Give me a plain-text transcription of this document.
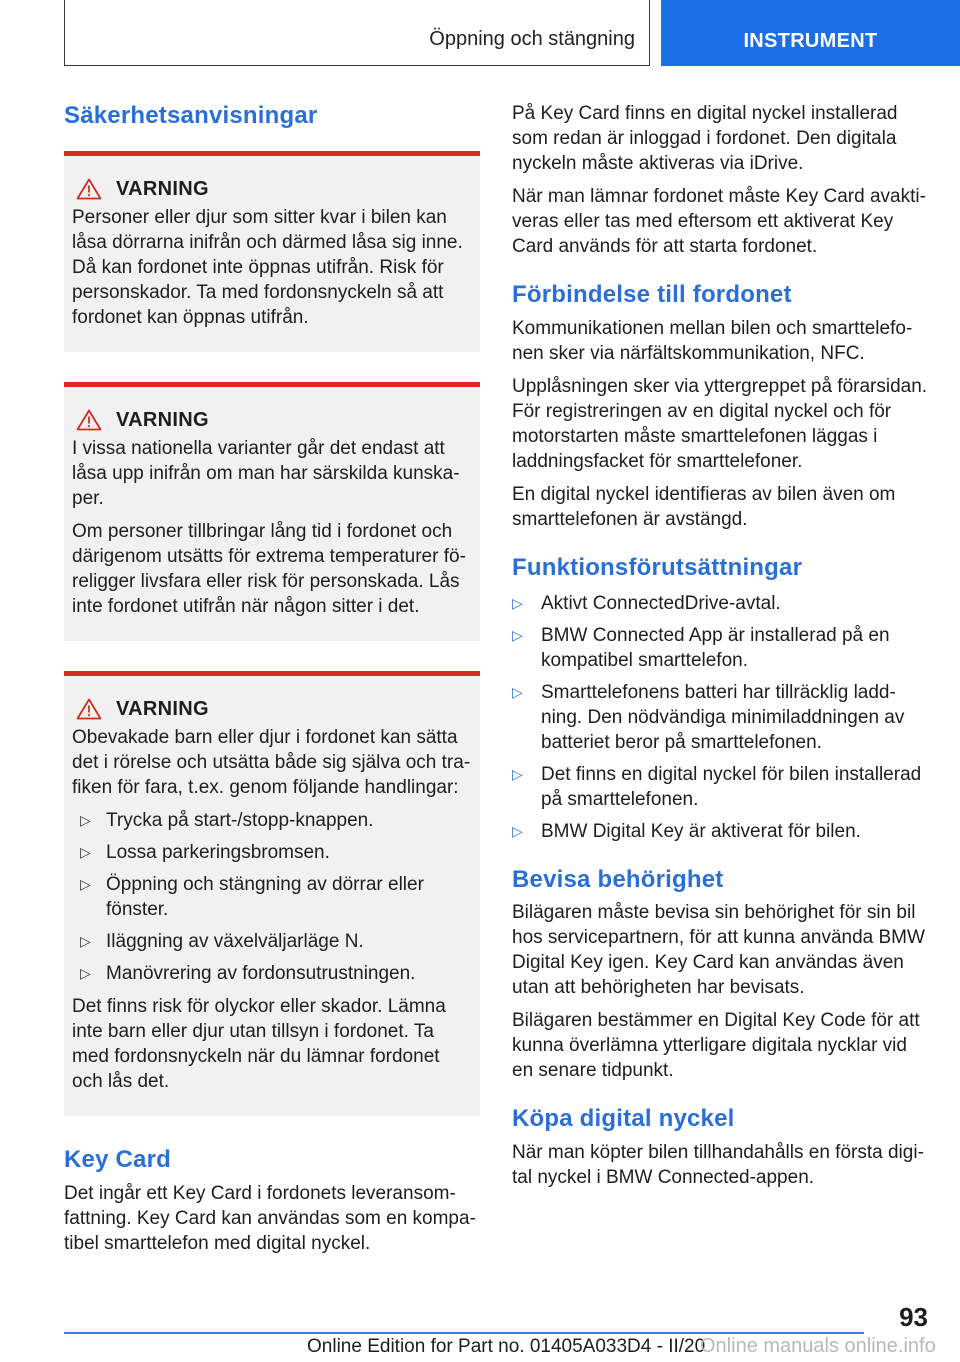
Öppning och stängning	INSTRUMENT
Säkerhetsanvisningar
VARNING

Personer eller djur som sitter kvar i bilen kan låsa dörrarna inifrån och därmed låsa sig inne. Då kan fordonet inte öppnas utifrån. Risk för personskador. Ta med fordonsnyckeln så att fordonet kan öppnas utifrån.

VARNING

I vissa nationella varianter går det endast att låsa upp inifrån om man har särskilda kunskaper.

Om personer tillbringar lång tid i fordonet och därigenom utsätts för extrema temperaturer föreligger livsfara eller risk för personskada. Lås inte fordonet utifrån när någon sitter i det.

VARNING

Obevakade barn eller djur i fordonet kan sätta det i rörelse och utsätta både sig själva och trafiken för fara, t.ex. genom följande handlingar:

▷ Trycka på start-/stopp-knappen.
▷ Lossa parkeringsbromsen.
▷ Öppning och stängning av dörrar eller fönster.
▷ Iläggning av växelväljarläge N.
▷ Manövrering av fordonsutrustningen.

Det finns risk för olyckor eller skador. Lämna inte barn eller djur utan tillsyn i fordonet. Ta med fordonsnyckeln när du lämnar fordonet och lås det.

Key Card

Det ingår ett Key Card i fordonets leveransomfattning. Key Card kan användas som en kompatibel smarttelefon med digital nyckel.

På Key Card finns en digital nyckel installerad som redan är inloggad i fordonet. Den digitala nyckeln måste aktiveras via iDrive.

När man lämnar fordonet måste Key Card avaktiveras eller tas med eftersom ett aktiverat Key Card används för att starta fordonet.

Förbindelse till fordonet

Kommunikationen mellan bilen och smarttelefonen sker via närfältskommunikation, NFC.

Upplåsningen sker via yttergreppet på förarsidan. För registreringen av en digital nyckel och för motorstarten måste smarttelefonen läggas i laddningsfacket för smarttelefoner.

En digital nyckel identifieras av bilen även om smarttelefonen är avstängd.

Funktionsförutsättningar
▷ Aktivt ConnectedDrive-avtal.
▷ BMW Connected App är installerad på en kompatibel smarttelefon.
▷ Smarttelefonens batteri har tillräcklig laddning. Den nödvändiga minimiladdningen av batteriet beror på smarttelefonen.
▷ Det finns en digital nyckel för bilen installerad på smarttelefonen.
▷ BMW Digital Key är aktiverat för bilen.
Bevisa behörighet

Bilägaren måste bevisa sin behörighet för sin bil hos servicepartnern, för att kunna använda BMW Digital Key igen. Key Card kan användas även utan att behörigheten har bevisats.

Bilägaren bestämmer en Digital Key Code för att kunna överlämna ytterligare digitala nycklar vid en senare tidpunkt.

Köpa digital nyckel

När man köpter bilen tillhandahålls en första digital nyckel i BMW Connected-appen.

93
Online Edition for Part no. 01405A033D4 - II/20
Online manuals online.info
